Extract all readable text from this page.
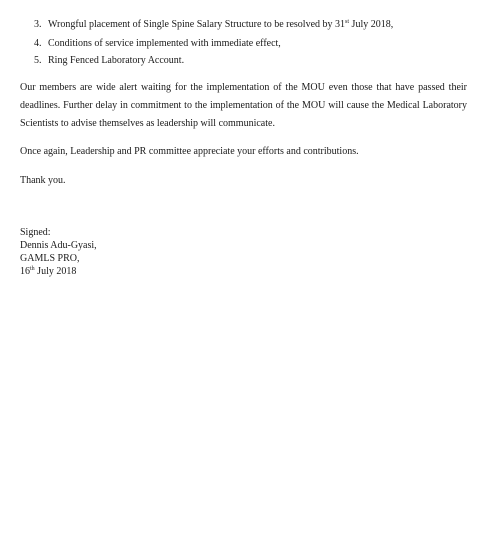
3. Wrongful placement of Single Spine Salary Structure to be resolved by 31st July 2018,
4. Conditions of service implemented with immediate effect,
5. Ring Fenced Laboratory Account.
Our members are wide alert waiting for the implementation of the MOU even those that have passed their deadlines. Further delay in commitment to the implementation of the MOU will cause the Medical Laboratory Scientists to advise themselves as leadership will communicate.
Once again, Leadership and PR committee appreciate your efforts and contributions.
Thank you.
Signed:
Dennis Adu-Gyasi,
GAMLS PRO,
16th July 2018
